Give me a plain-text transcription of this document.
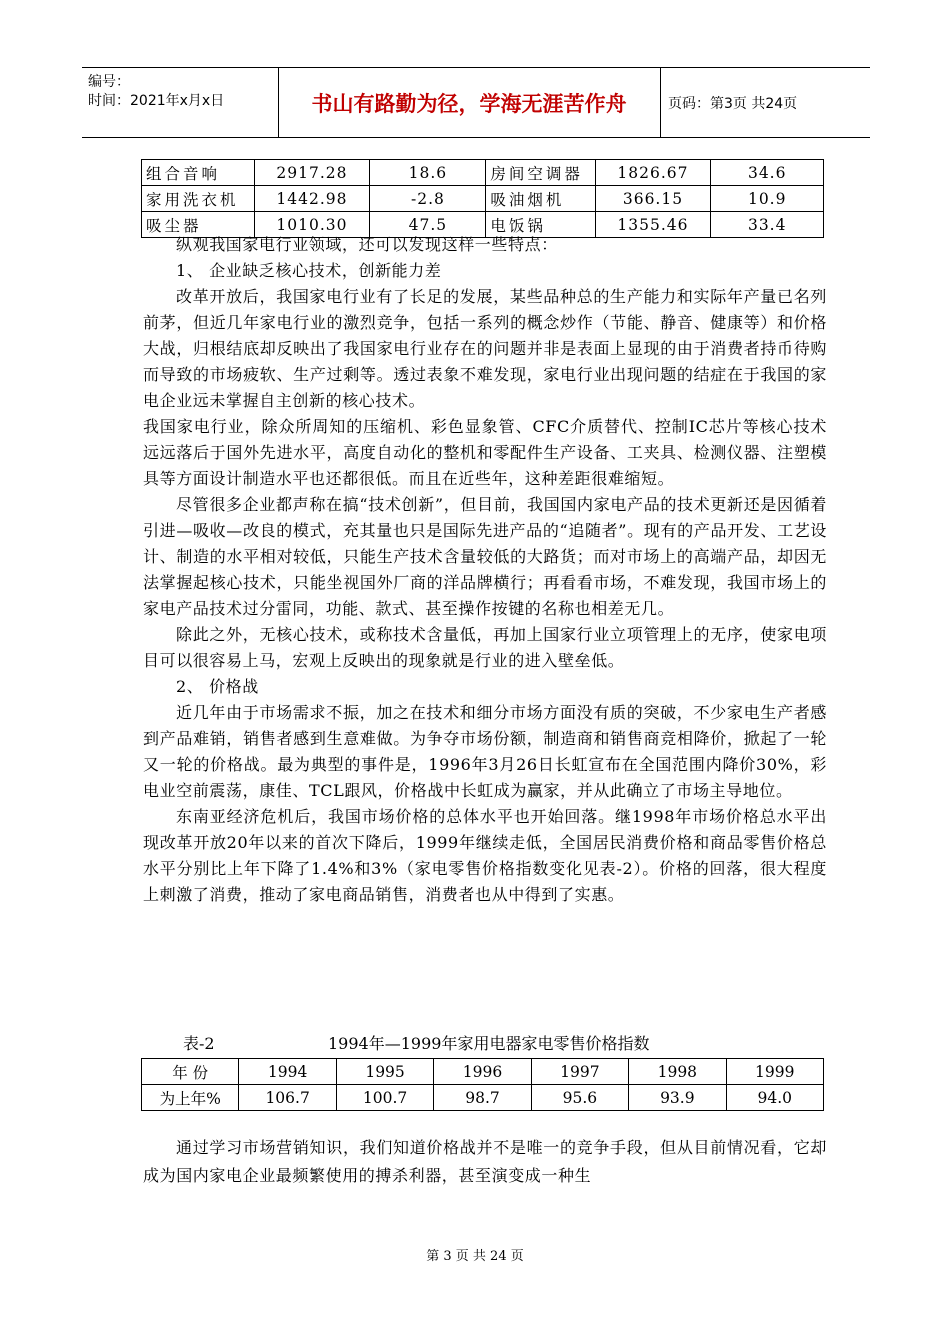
编号：
时间：2021年x月x日	书山有路勤为径，学海无涯苦作舟	页码：第3页 共24页
组合音响	2917.28	18.6	房间空调器	1826.67	34.6
家用洗衣机	1442.98	-2.8	吸油烟机	366.15	10.9
吸尘器	1010.30	47.5	电饭锅	1355.46	33.4

纵观我国家电行业领域，还可以发现这样一些特点：

1、 企业缺乏核心技术，创新能力差

改革开放后，我国家电行业有了长足的发展，某些品种总的生产能力和实际年产量已名列前茅，但近几年家电行业的激烈竞争，包括一系列的概念炒作（节能、静音、健康等）和价格大战，归根结底却反映出了我国家电行业存在的问题并非是表面上显现的由于消费者持币待购而导致的市场疲软、生产过剩等。透过表象不难发现，家电行业出现问题的结症在于我国的家电企业远未掌握自主创新的核心技术。

我国家电行业，除众所周知的压缩机、彩色显象管、CFC介质替代、控制IC芯片等核心技术远远落后于国外先进水平，高度自动化的整机和零配件生产设备、工夹具、检测仪器、注塑模具等方面设计制造水平也还都很低。而且在近些年，这种差距很难缩短。

尽管很多企业都声称在搞“技术创新”，但目前，我国国内家电产品的技术更新还是因循着引进—吸收—改良的模式，充其量也只是国际先进产品的“追随者”。现有的产品开发、工艺设计、制造的水平相对较低，只能生产技术含量较低的大路货；而对市场上的高端产品，却因无法掌握起核心技术，只能坐视国外厂商的洋品牌横行；再看看市场，不难发现，我国市场上的家电产品技术过分雷同，功能、款式、甚至操作按键的名称也相差无几。

除此之外，无核心技术，或称技术含量低，再加上国家行业立项管理上的无序，使家电项目可以很容易上马，宏观上反映出的现象就是行业的进入壁垒低。

2、 价格战

近几年由于市场需求不振，加之在技术和细分市场方面没有质的突破，不少家电生产者感到产品难销，销售者感到生意难做。为争夺市场份额，制造商和销售商竞相降价，掀起了一轮又一轮的价格战。最为典型的事件是，1996年3月26日长虹宣布在全国范围内降价30%，彩电业空前震荡，康佳、TCL跟风，价格战中长虹成为赢家，并从此确立了市场主导地位。

东南亚经济危机后，我国市场价格的总体水平也开始回落。继1998年市场价格总水平出现改革开放20年以来的首次下降后，1999年继续走低，全国居民消费价格和商品零售价格总水平分别比上年下降了1.4%和3%（家电零售价格指数变化见表-2）。价格的回落，很大程度上刺激了消费，推动了家电商品销售，消费者也从中得到了实惠。

表-2	1994年—1999年家用电器家电零售价格指数
年 份	1994	1995	1996	1997	1998	1999
为上年%	106.7	100.7	98.7	95.6	93.9	94.0

通过学习市场营销知识，我们知道价格战并不是唯一的竞争手段，但从目前情况看，它却成为国内家电企业最频繁使用的搏杀利器，甚至演变成一种生

第 3 页 共 24 页
